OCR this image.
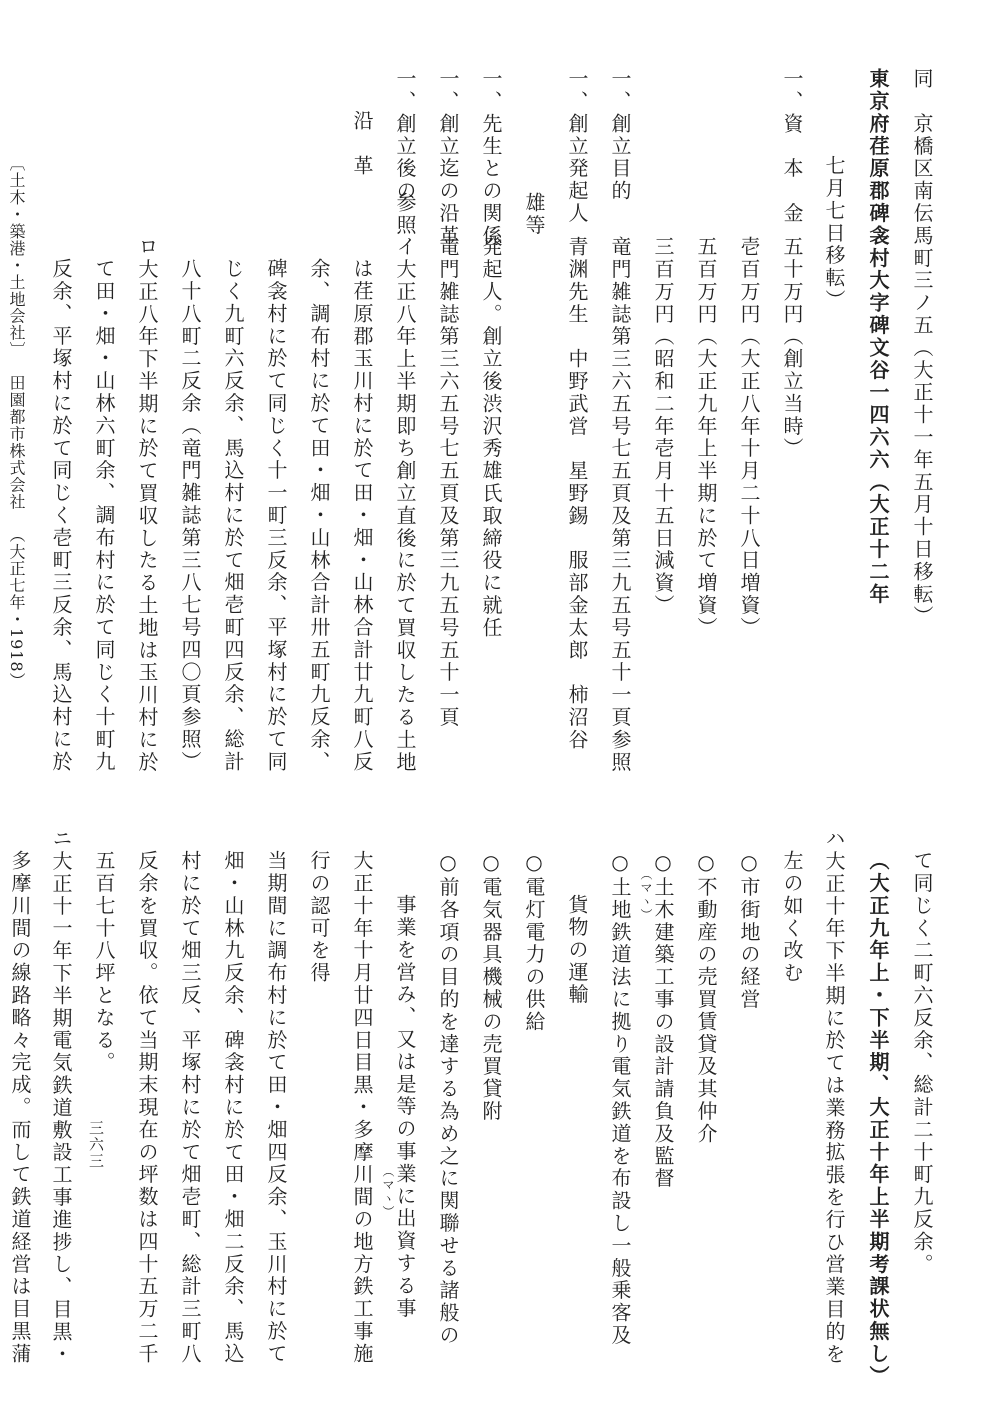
同　京橋区南伝馬町三ノ五（大正十一年五月十日移転）
東京府荏原郡碑衾村大字碑文谷一四六六（大正十二年
七月七日移転）
一、資　本　金
五十万円（創立当時）
壱百万円（大正八年十月二十八日増資）
五百万円（大正九年上半期に於て増資）
三百万円（昭和二年壱月十五日減資）
一、創立目的
竜門雑誌第三六五号七五頁及第三九五号五十一頁参照
一、創立発起人
青渊先生　中野武営　星野錫　服部金太郎　柿沼谷
雄等
一、先生との関係
発起人。創立後渋沢秀雄氏取締役に就任
一、創立迄の沿革
竜門雑誌第三六五号七五頁及第三九五号五十一頁
参照
一、創立後の
沿　革
イ大正八年上半期即ち創立直後に於て買収したる土地
は荏原郡玉川村に於て田・畑・山林合計廿九町八反
余、調布村に於て田・畑・山林合計卅五町九反余、
碑衾村に於て同じく十一町三反余、平塚村に於て同
じく九町六反余、馬込村に於て畑壱町四反余、総計
八十八町二反余（竜門雑誌第三八七号四〇頁参照）
ロ大正八年下半期に於て買収したる土地は玉川村に於
て田・畑・山林六町余、調布村に於て同じく十町九
反余、平塚村に於て同じく壱町三反余、馬込村に於
て同じく二町六反余、総計二十町九反余。
（大正九年上・下半期、大正十年上半期考課状無し）
ハ大正十年下半期に於ては業務拡張を行ひ営業目的を
左の如く改む
○市街地の経営
○不動産の売買賃貸及其仲介
○土木建築工事の設計請負及監督
（マヽ）
○土地鉄道法に拠り電気鉄道を布設し一般乗客及
貨物の運輸
○電灯電力の供給
○電気器具機械の売買貸附
○前各項の目的を達する為め之に関聯せる諸般の
事業を営み、又は是等の事業に出資する事
（マヽ）
大正十年十月廿四日目黒・多摩川間の地方鉄工事施
行の認可を得
当期間に調布村に於て田・畑四反余、玉川村に於て
畑・山林九反余、碑衾村に於て田・畑二反余、馬込
村に於て畑三反、平塚村に於て畑壱町、総計三町八
反余を買収。依て当期末現在の坪数は四十五万二千
五百七十八坪となる。
ニ大正十一年下半期電気鉄道敷設工事進捗し、目黒・
多摩川間の線路略々完成。而して鉄道経営は目黒蒲
〔土木・築港・土地会社〕田園都市株式会社（大正七年・1918）
三六三
